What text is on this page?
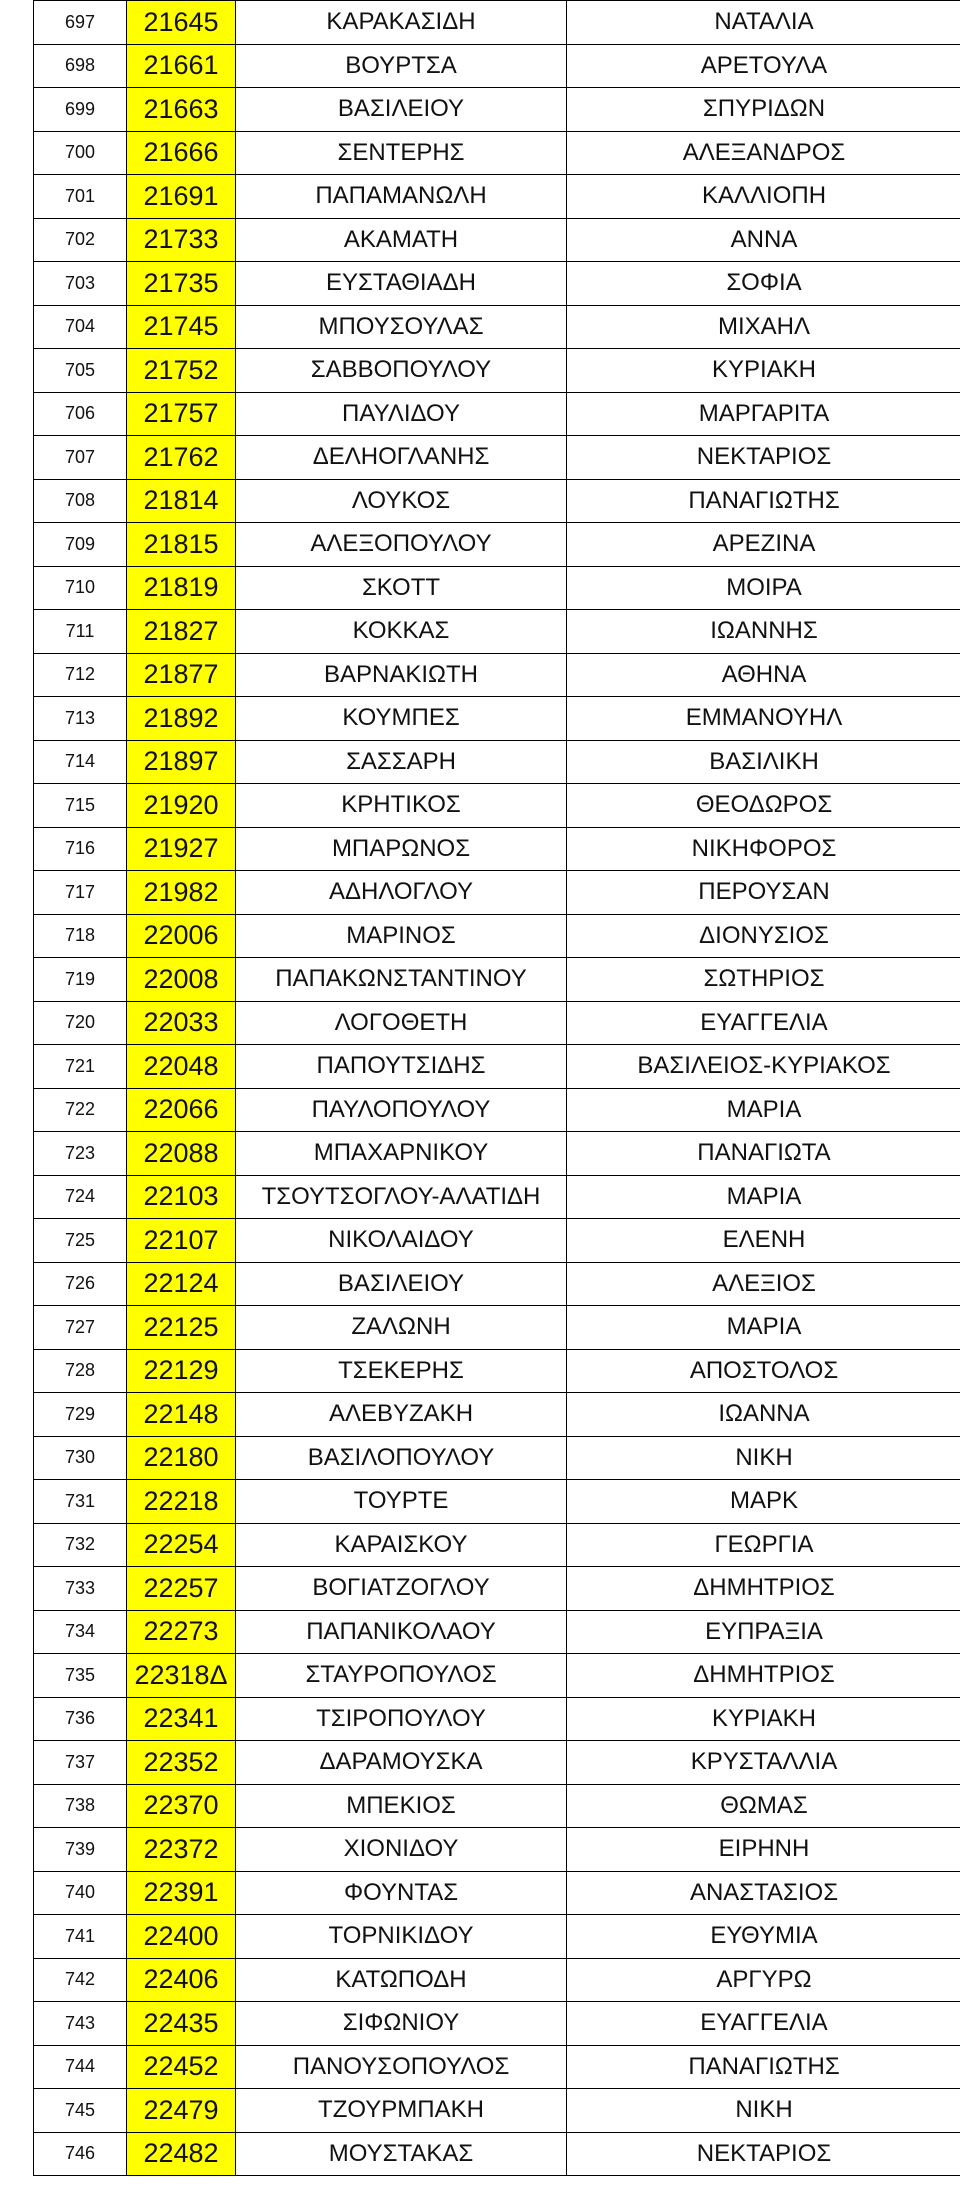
697	21645	ΚΑΡΑΚΑΣΙΔΗ	ΝΑΤΑΛΙΑ
698	21661	ΒΟΥΡΤΣΑ	ΑΡΕΤΟΥΛΑ
699	21663	ΒΑΣΙΛΕΙΟΥ	ΣΠΥΡΙΔΩΝ
700	21666	ΣΕΝΤΕΡΗΣ	ΑΛΕΞΑΝΔΡΟΣ
701	21691	ΠΑΠΑΜΑΝΩΛΗ	ΚΑΛΛΙΟΠΗ
702	21733	ΑΚΑΜΑΤΗ	ΑΝΝΑ
703	21735	ΕΥΣΤΑΘΙΑΔΗ	ΣΟΦΙΑ
704	21745	ΜΠΟΥΣΟΥΛΑΣ	ΜΙΧΑΗΛ
705	21752	ΣΑΒΒΟΠΟΥΛΟΥ	ΚΥΡΙΑΚΗ
706	21757	ΠΑΥΛΙΔΟΥ	ΜΑΡΓΑΡΙΤΑ
707	21762	ΔΕΛΗΟΓΛΑΝΗΣ	ΝΕΚΤΑΡΙΟΣ
708	21814	ΛΟΥΚΟΣ	ΠΑΝΑΓΙΩΤΗΣ
709	21815	ΑΛΕΞΟΠΟΥΛΟΥ	ΑΡΕΖΙΝΑ
710	21819	ΣΚΟΤΤ	ΜΟΙΡΑ
711	21827	ΚΟΚΚΑΣ	ΙΩΑΝΝΗΣ
712	21877	ΒΑΡΝΑΚΙΩΤΗ	ΑΘΗΝΑ
713	21892	ΚΟΥΜΠΕΣ	ΕΜΜΑΝΟΥΗΛ
714	21897	ΣΑΣΣΑΡΗ	ΒΑΣΙΛΙΚΗ
715	21920	ΚΡΗΤΙΚΟΣ	ΘΕΟΔΩΡΟΣ
716	21927	ΜΠΑΡΩΝΟΣ	ΝΙΚΗΦΟΡΟΣ
717	21982	ΑΔΗΛΟΓΛΟΥ	ΠΕΡΟΥΣΑΝ
718	22006	ΜΑΡΙΝΟΣ	ΔΙΟΝΥΣΙΟΣ
719	22008	ΠΑΠΑΚΩΝΣΤΑΝΤΙΝΟΥ	ΣΩΤΗΡΙΟΣ
720	22033	ΛΟΓΟΘΕΤΗ	ΕΥΑΓΓΕΛΙΑ
721	22048	ΠΑΠΟΥΤΣΙΔΗΣ	ΒΑΣΙΛΕΙΟΣ-ΚΥΡΙΑΚΟΣ
722	22066	ΠΑΥΛΟΠΟΥΛΟΥ	ΜΑΡΙΑ
723	22088	ΜΠΑΧΑΡΝΙΚΟΥ	ΠΑΝΑΓΙΩΤΑ
724	22103	ΤΣΟΥΤΣΟΓΛΟΥ-ΑΛΑΤΙΔΗ	ΜΑΡΙΑ
725	22107	ΝΙΚΟΛΑΙΔΟΥ	ΕΛΕΝΗ
726	22124	ΒΑΣΙΛΕΙΟΥ	ΑΛΕΞΙΟΣ
727	22125	ΖΑΛΩΝΗ	ΜΑΡΙΑ
728	22129	ΤΣΕΚΕΡΗΣ	ΑΠΟΣΤΟΛΟΣ
729	22148	ΑΛΕΒΥΖΑΚΗ	ΙΩΑΝΝΑ
730	22180	ΒΑΣΙΛΟΠΟΥΛΟΥ	ΝΙΚΗ
731	22218	ΤΟΥΡΤΕ	ΜΑΡΚ
732	22254	ΚΑΡΑΙΣΚΟΥ	ΓΕΩΡΓΙΑ
733	22257	ΒΟΓΙΑΤΖΟΓΛΟΥ	ΔΗΜΗΤΡΙΟΣ
734	22273	ΠΑΠΑΝΙΚΟΛΑΟΥ	ΕΥΠΡΑΞΙΑ
735	22318Δ	ΣΤΑΥΡΟΠΟΥΛΟΣ	ΔΗΜΗΤΡΙΟΣ
736	22341	ΤΣΙΡΟΠΟΥΛΟΥ	ΚΥΡΙΑΚΗ
737	22352	ΔΑΡΑΜΟΥΣΚΑ	ΚΡΥΣΤΑΛΛΙΑ
738	22370	ΜΠΕΚΙΟΣ	ΘΩΜΑΣ
739	22372	ΧΙΟΝΙΔΟΥ	ΕΙΡΗΝΗ
740	22391	ΦΟΥΝΤΑΣ	ΑΝΑΣΤΑΣΙΟΣ
741	22400	ΤΟΡΝΙΚΙΔΟΥ	ΕΥΘΥΜΙΑ
742	22406	ΚΑΤΩΠΟΔΗ	ΑΡΓΥΡΩ
743	22435	ΣΙΦΩΝΙΟΥ	ΕΥΑΓΓΕΛΙΑ
744	22452	ΠΑΝΟΥΣΟΠΟΥΛΟΣ	ΠΑΝΑΓΙΩΤΗΣ
745	22479	ΤΖΟΥΡΜΠΑΚΗ	ΝΙΚΗ
746	22482	ΜΟΥΣΤΑΚΑΣ	ΝΕΚΤΑΡΙΟΣ
